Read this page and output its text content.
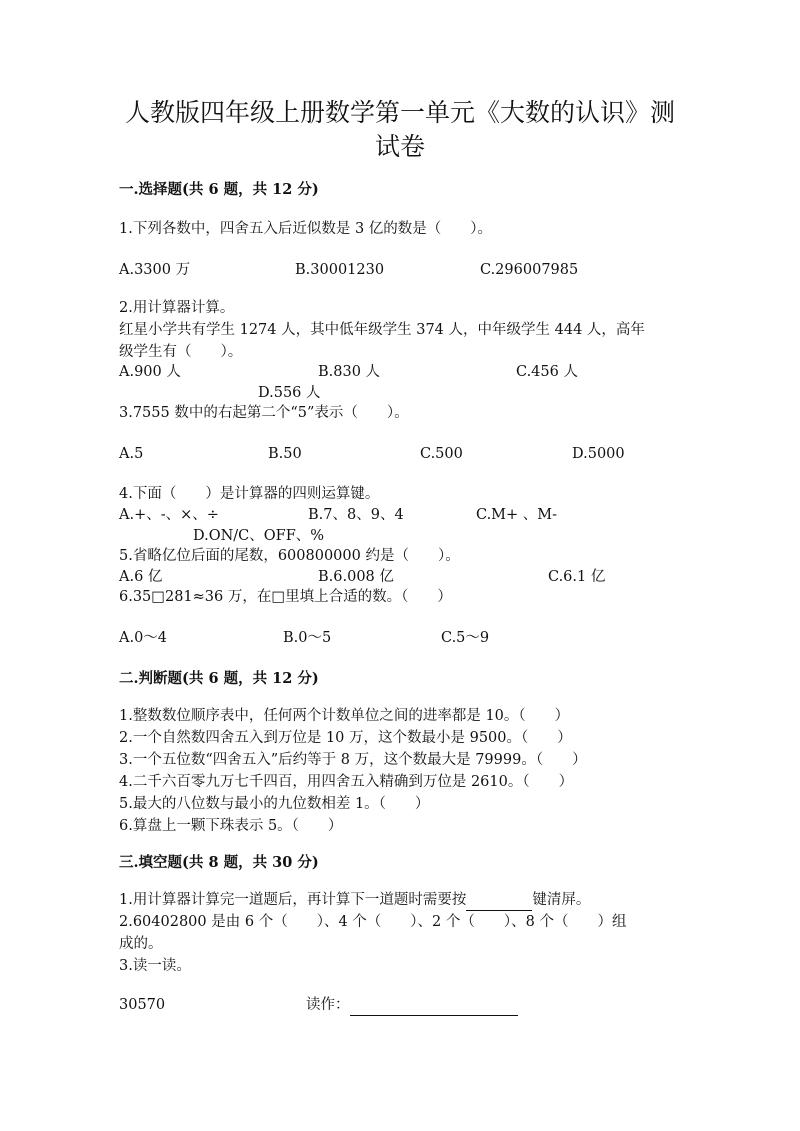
人教版四年级上册数学第一单元《大数的认识》测
试卷
一.选择题(共 6 题，共 12 分)
1.下列各数中，四舍五入后近似数是 3 亿的数是（　　）。
A.3300 万	B.30001230	C.296007985
2.用计算器计算。
红星小学共有学生 1274 人，其中低年级学生 374 人，中年级学生 444 人，高年
级学生有（　　）。
A.900 人	B.830 人	C.456 人
D.556 人
3.7555 数中的右起第二个“5”表示（　　）。
A.5	B.50	C.500	D.5000
4.下面（　　）是计算器的四则运算键。
A.+、-、×、÷	B.7、8、9、4	C.M+ 、M-
D.ON/C、OFF、%
5.省略亿位后面的尾数，600800000 约是（　　）。
A.6 亿	B.6.008 亿	C.6.1 亿
6.35□281≈36 万，在□里填上合适的数。（　　）
A.0～4	B.0～5	C.5～9
二.判断题(共 6 题，共 12 分)
1.整数数位顺序表中，任何两个计数单位之间的进率都是 10。（　　）
2.一个自然数四舍五入到万位是 10 万，这个数最小是 9500。（　　）
3.一个五位数“四舍五入”后约等于 8 万，这个数最大是 79999。（　　）
4.二千六百零九万七千四百，用四舍五入精确到万位是 2610。（　　）
5.最大的八位数与最小的九位数相差 1。（　　）
6.算盘上一颗下珠表示 5。（　　）
三.填空题(共 8 题，共 30 分)
1.用计算器计算完一道题后，再计算下一道题时需要按	键清屏。
2.60402800 是由 6 个（　　）、4 个（　　）、2 个（　　）、8 个（　　）组
成的。
3.读一读。
30570	读作：
